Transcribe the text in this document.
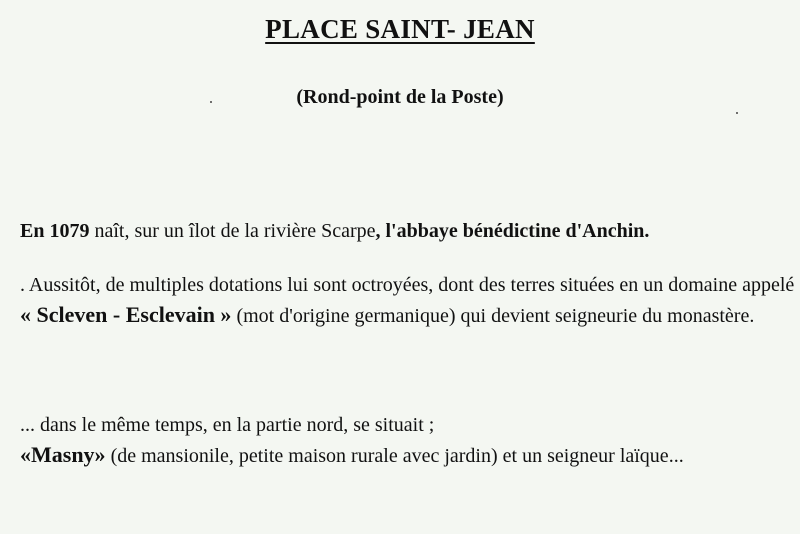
PLACE SAINT- JEAN
(Rond-point de la Poste)
En 1079 naît, sur un îlot de la rivière Scarpe, l'abbaye bénédictine d'Anchin.
. Aussitôt, de multiples dotations lui sont octroyées, dont des terres situées en un domaine appelé « Scleven - Esclevain » (mot d'origine germanique) qui devient seigneurie du monastère.
... dans le même temps, en la partie nord, se situait ;
«Masny» (de mansionile, petite maison rurale avec jardin) et un seigneur laïque...
